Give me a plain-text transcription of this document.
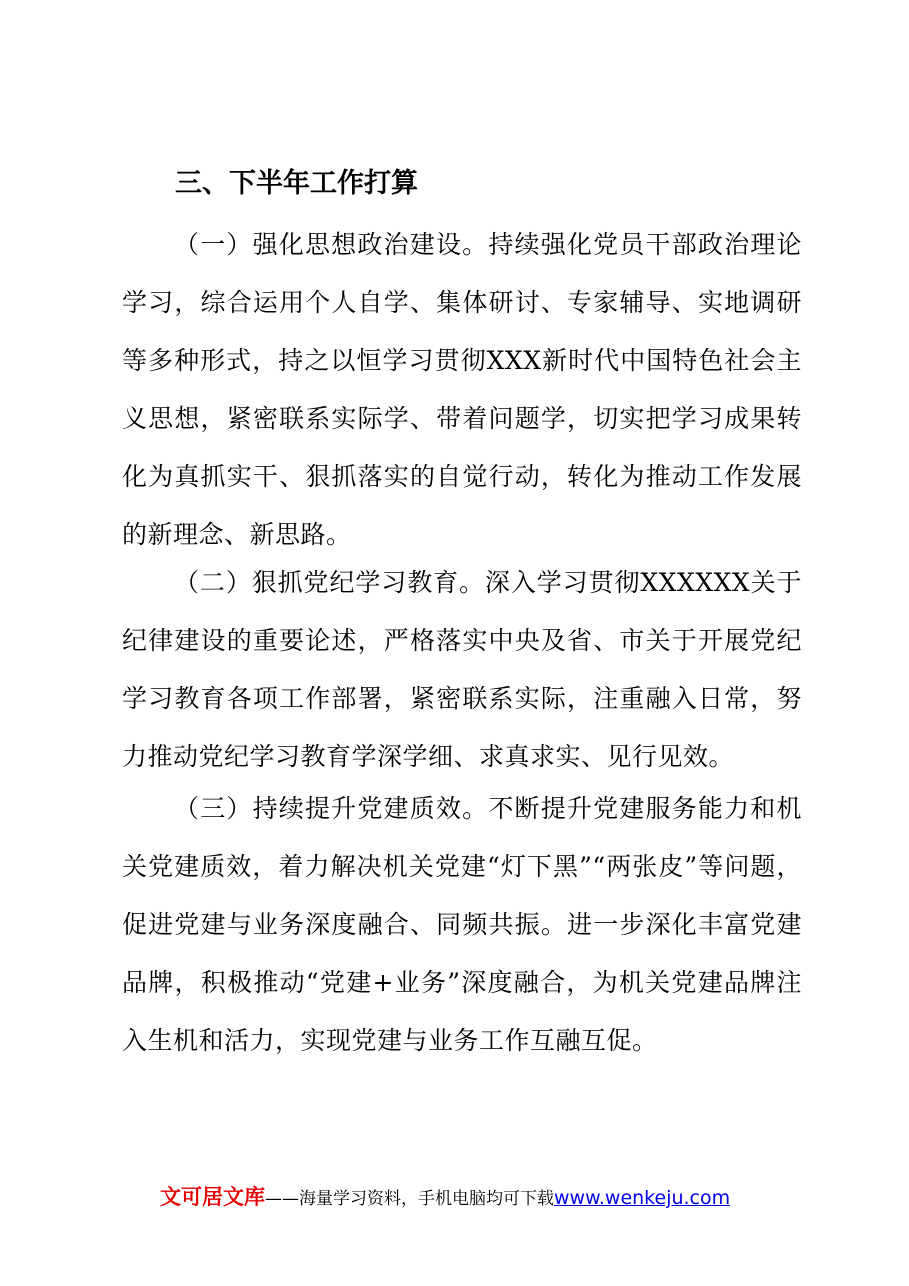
三、下半年工作打算

（一）强化思想政治建设。持续强化党员干部政治理论学习，综合运用个人自学、集体研讨、专家辅导、实地调研等多种形式，持之以恒学习贯彻XXX新时代中国特色社会主义思想，紧密联系实际学、带着问题学，切实把学习成果转化为真抓实干、狠抓落实的自觉行动，转化为推动工作发展的新理念、新思路。

（二）狠抓党纪学习教育。深入学习贯彻XXXXXX关于纪律建设的重要论述，严格落实中央及省、市关于开展党纪学习教育各项工作部署，紧密联系实际，注重融入日常，努力推动党纪学习教育学深学细、求真求实、见行见效。

（三）持续提升党建质效。不断提升党建服务能力和机关党建质效，着力解决机关党建“灯下黑”“两张皮”等问题，促进党建与业务深度融合、同频共振。进一步深化丰富党建品牌，积极推动“党建+业务”深度融合，为机关党建品牌注入生机和活力，实现党建与业务工作互融互促。

文可居文库——海量学习资料，手机电脑均可下载www.wenkeju.com
